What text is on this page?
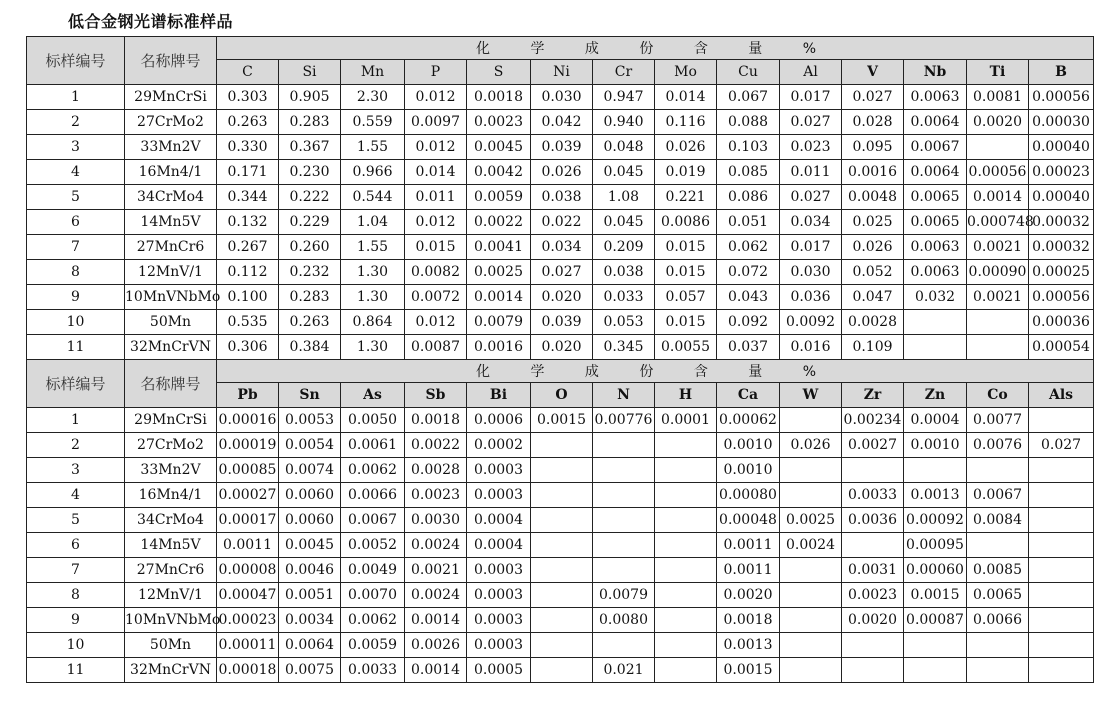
低合金钢光谱标准样品
标样编号	名称牌号	化 学 成 份 含 量 %													
		C	Si	Mn	P	S	Ni	Cr	Mo	Cu	Al	V	Nb	Ti	B
1	29MnCrSi	0.303	0.905	2.30	0.012	0.0018	0.030	0.947	0.014	0.067	0.017	0.027	0.0063	0.0081	0.00056
2	27CrMo2	0.263	0.283	0.559	0.0097	0.0023	0.042	0.940	0.116	0.088	0.027	0.028	0.0064	0.0020	0.00030
3	33Mn2V	0.330	0.367	1.55	0.012	0.0045	0.039	0.048	0.026	0.103	0.023	0.095	0.0067		0.00040
4	16Mn4/1	0.171	0.230	0.966	0.014	0.0042	0.026	0.045	0.019	0.085	0.011	0.0016	0.0064	0.00056	0.00023
5	34CrMo4	0.344	0.222	0.544	0.011	0.0059	0.038	1.08	0.221	0.086	0.027	0.0048	0.0065	0.0014	0.00040
6	14Mn5V	0.132	0.229	1.04	0.012	0.0022	0.022	0.045	0.0086	0.051	0.034	0.025	0.0065	0.000748	0.00032
7	27MnCr6	0.267	0.260	1.55	0.015	0.0041	0.034	0.209	0.015	0.062	0.017	0.026	0.0063	0.0021	0.00032
8	12MnV/1	0.112	0.232	1.30	0.0082	0.0025	0.027	0.038	0.015	0.072	0.030	0.052	0.0063	0.00090	0.00025
9	10MnVNbMo	0.100	0.283	1.30	0.0072	0.0014	0.020	0.033	0.057	0.043	0.036	0.047	0.032	0.0021	0.00056
10	50Mn	0.535	0.263	0.864	0.012	0.0079	0.039	0.053	0.015	0.092	0.0092	0.0028			0.00036
11	32MnCrVN	0.306	0.384	1.30	0.0087	0.0016	0.020	0.345	0.0055	0.037	0.016	0.109			0.00054
标样编号	名称牌号	化 学 成 份 含 量 %													
		Pb	Sn	As	Sb	Bi	O	N	H	Ca	W	Zr	Zn	Co	Als
1	29MnCrSi	0.00016	0.0053	0.0050	0.0018	0.0006	0.0015	0.00776	0.0001	0.00062		0.00234	0.0004	0.0077	
2	27CrMo2	0.00019	0.0054	0.0061	0.0022	0.0002				0.0010	0.026	0.0027	0.0010	0.0076	0.027
3	33Mn2V	0.00085	0.0074	0.0062	0.0028	0.0003				0.0010					
4	16Mn4/1	0.00027	0.0060	0.0066	0.0023	0.0003				0.00080		0.0033	0.0013	0.0067	
5	34CrMo4	0.00017	0.0060	0.0067	0.0030	0.0004				0.00048	0.0025	0.0036	0.00092	0.0084	
6	14Mn5V	0.0011	0.0045	0.0052	0.0024	0.0004				0.0011	0.0024		0.00095		
7	27MnCr6	0.00008	0.0046	0.0049	0.0021	0.0003				0.0011		0.0031	0.00060	0.0085	
8	12MnV/1	0.00047	0.0051	0.0070	0.0024	0.0003		0.0079		0.0020		0.0023	0.0015	0.0065	
9	10MnVNbMo	0.00023	0.0034	0.0062	0.0014	0.0003		0.0080		0.0018		0.0020	0.00087	0.0066	
10	50Mn	0.00011	0.0064	0.0059	0.0026	0.0003				0.0013					
11	32MnCrVN	0.00018	0.0075	0.0033	0.0014	0.0005		0.021		0.0015					
